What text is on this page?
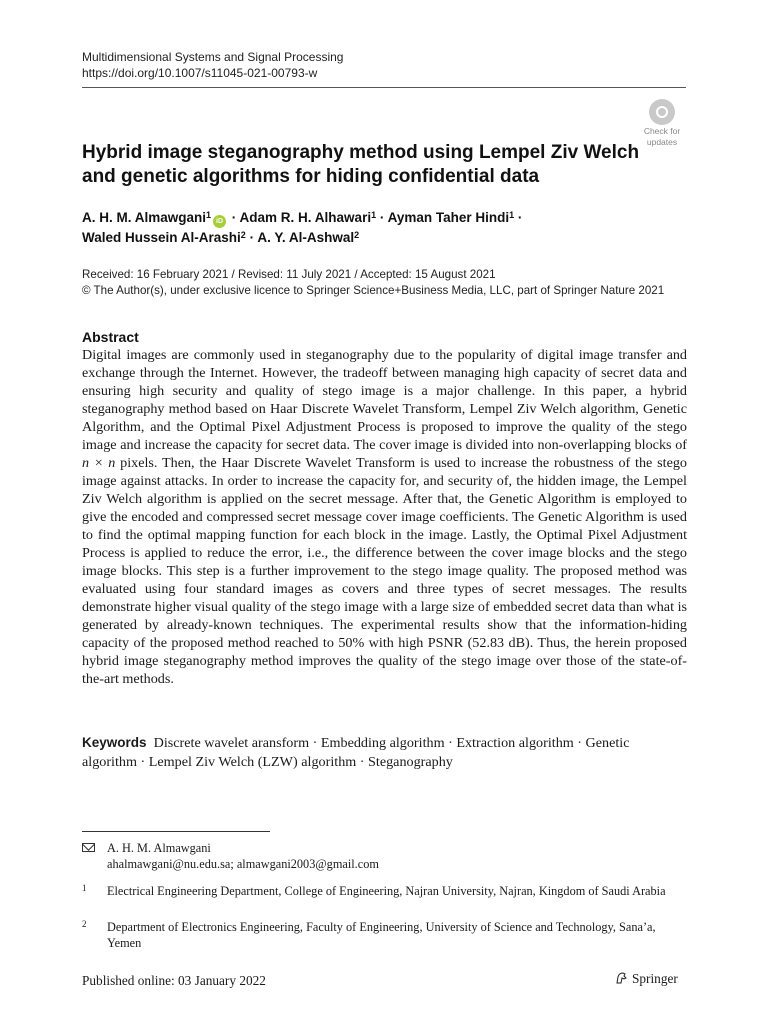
Multidimensional Systems and Signal Processing
https://doi.org/10.1007/s11045-021-00793-w
Check for
updates
Hybrid image steganography method using Lempel Ziv Welch and genetic algorithms for hiding confidential data
A. H. M. Almawgani$^1$iD · Adam R. H. Alhawari$^1$ · Ayman Taher Hindi$^1$ ·
Waled Hussein Al-Arashi$^2$ · A. Y. Al-Ashwal$^2$
Received: 16 February 2021 / Revised: 11 July 2021 / Accepted: 15 August 2021
© The Author(s), under exclusive licence to Springer Science+Business Media, LLC, part of Springer Nature 2021
Abstract

Digital images are commonly used in steganography due to the popularity of digital image transfer and exchange through the Internet. However, the tradeoff between managing high capacity of secret data and ensuring high security and quality of stego image is a major challenge. In this paper, a hybrid steganography method based on Haar Discrete Wavelet Transform, Lempel Ziv Welch algorithm, Genetic Algorithm, and the Optimal Pixel Adjustment Process is proposed to improve the quality of the stego image and increase the capacity for secret data. The cover image is divided into non-overlapping blocks of n × n pixels. Then, the Haar Discrete Wavelet Transform is used to increase the robustness of the stego image against attacks. In order to increase the capacity for, and security of, the hidden image, the Lempel Ziv Welch algorithm is applied on the secret message. After that, the Genetic Algorithm is employed to give the encoded and compressed secret message cover image coefficients. The Genetic Algorithm is used to find the optimal mapping function for each block in the image. Lastly, the Optimal Pixel Adjustment Process is applied to reduce the error, i.e., the difference between the cover image blocks and the stego image blocks. This step is a further improvement to the stego image quality. The proposed method was evaluated using four standard images as covers and three types of secret messages. The results demonstrate higher visual quality of the stego image with a large size of embedded secret data than what is generated by already-known techniques. The experimental results show that the information-hiding capacity of the proposed method reached to 50% with high PSNR (52.83 dB). Thus, the herein proposed hybrid image steganography method improves the quality of the stego image over those of the state-of-the-art methods.

Keywords Discrete wavelet aransform · Embedding algorithm · Extraction algorithm · Genetic algorithm · Lempel Ziv Welch (LZW) algorithm · Steganography
A. H. M. Almawgani
ahalmawgani@nu.edu.sa; almawgani2003@gmail.com
1 Electrical Engineering Department, College of Engineering, Najran University, Najran, Kingdom of Saudi Arabia
2 Department of Electronics Engineering, Faculty of Engineering, University of Science and Technology, Sana’a, Yemen
Published online: 03 January 2022	Springer
